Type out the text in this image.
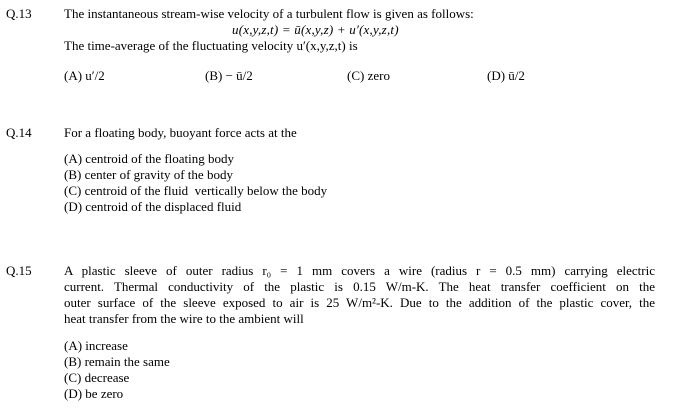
Q.13 The instantaneous stream-wise velocity of a turbulent flow is given as follows:
u(x,y,z,t) = ū(x,y,z) + u′(x,y,z,t)
The time-average of the fluctuating velocity u′(x,y,z,t) is
(A) u′/2	(B) − ū/2	(C) zero	(D) ū/2
Q.14 For a floating body, buoyant force acts at the
(A) centroid of the floating body
(B) center of gravity of the body
(C) centroid of the fluid  vertically below the body
(D) centroid of the displaced fluid
Q.15 A plastic sleeve of outer radius r₀ = 1 mm covers a wire (radius r = 0.5 mm) carrying electric
current. Thermal conductivity of the plastic is 0.15 W/m-K. The heat transfer coefficient on the
outer surface of the sleeve exposed to air is 25 W/m²-K. Due to the addition of the plastic cover, the
heat transfer from the wire to the ambient will
(A) increase
(B) remain the same
(C) decrease
(D) be zero
